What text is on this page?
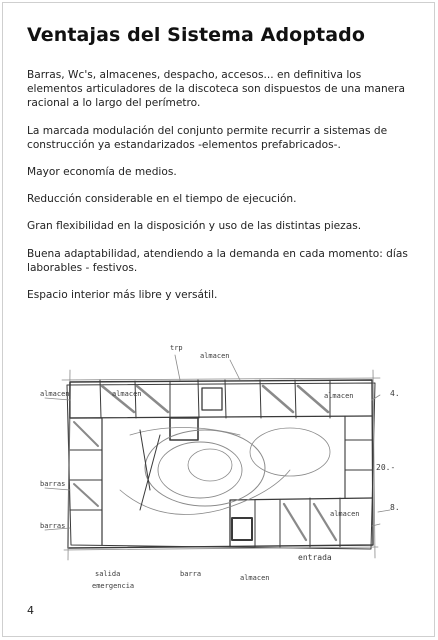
Ventajas del Sistema Adoptado

Barras, Wc's, almacenes, despacho, accesos... en definitiva los elementos articuladores de la discoteca son dispuestos de una manera racional a lo largo del perímetro.

La marcada modulación del conjunto permite recurrir a sistemas de construcción ya estandarizados -elementos prefabricados-.

Mayor economía de medios.

Reducción considerable en el tiempo de ejecución.

Gran flexibilidad en la disposición y uso de las distintas piezas.

Buena adaptabilidad, atendiendo a la demanda en cada momento: días laborables - festivos.

Espacio interior más libre y versátil.

trp
almacen
almacen	almacen	almacen
20.-
8.
barras
barras
entrada
salida
emergencia
barra	almacen
almacen
4.
4
